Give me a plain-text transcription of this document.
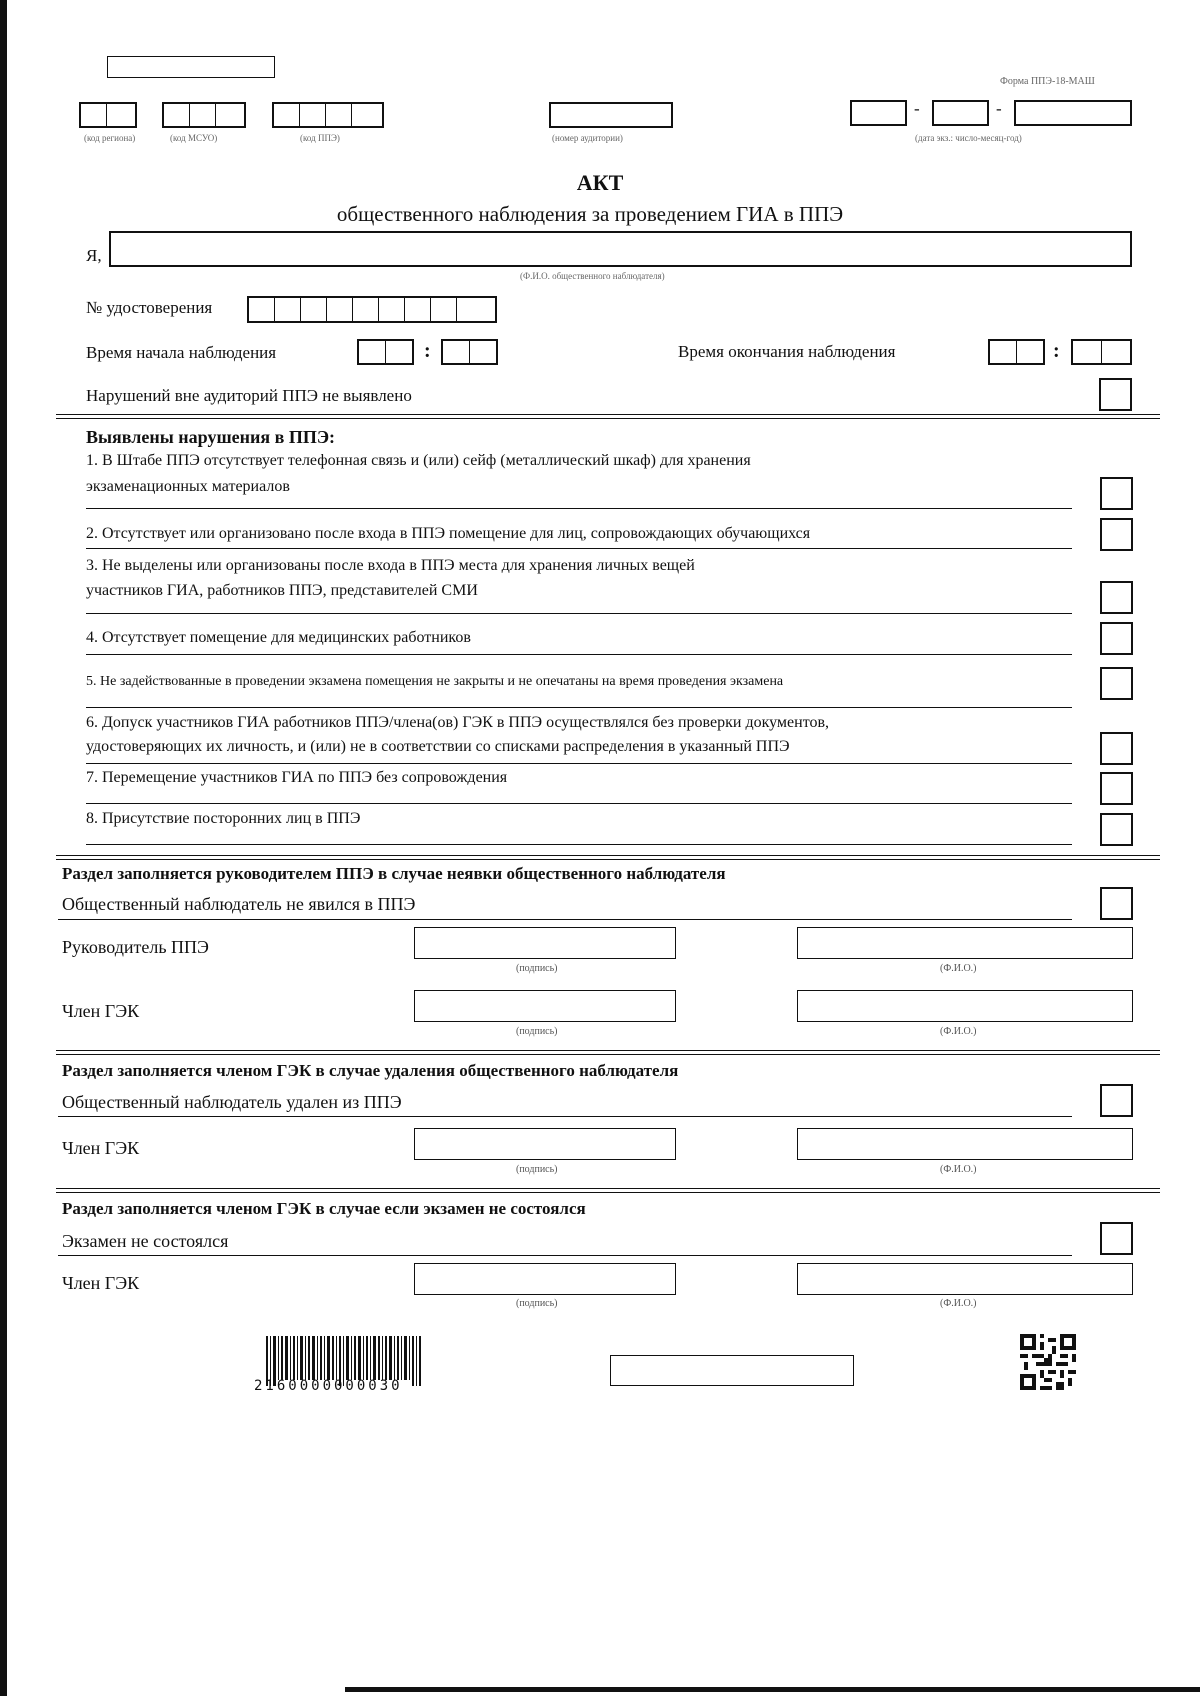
Форма ППЭ-18-МАШ
(код региона)	(код МСУО)	(код ППЭ)	(номер аудитории)
-	-
(дата экз.: число-месяц-год)
АКТ
общественного наблюдения за проведением ГИА в ППЭ
Я,
(Ф.И.О. общественного наблюдателя)
№ удостоверения
Время начала наблюдения	:	Время окончания наблюдения	:
Нарушений вне аудиторий ППЭ не выявлено
Выявлены нарушения в ППЭ:
1. В Штабе ППЭ отсутствует телефонная связь и (или) сейф (металлический шкаф) для хранения
экзаменационных материалов
2. Отсутствует или организовано после входа в ППЭ помещение для лиц, сопровождающих обучающихся
3. Не выделены или организованы после входа в ППЭ места для хранения личных вещей
участников ГИА, работников ППЭ, представителей СМИ
4. Отсутствует помещение для медицинских работников
5. Не задействованные в проведении экзамена помещения не закрыты и не опечатаны на время проведения экзамена
6. Допуск участников ГИА работников ППЭ/члена(ов) ГЭК в ППЭ осуществлялся без проверки документов,
удостоверяющих их личность, и (или) не в соответствии со списками распределения в указанный ППЭ
7. Перемещение участников ГИА по ППЭ без сопровождения
8. Присутствие посторонних лиц в ППЭ
Раздел заполняется руководителем ППЭ в случае неявки общественного наблюдателя
Общественный наблюдатель не явился в ППЭ
Руководитель ППЭ
(подпись)	(Ф.И.О.)
Член ГЭК
(подпись)	(Ф.И.О.)
Раздел заполняется членом ГЭК в случае удаления общественного наблюдателя
Общественный наблюдатель удален из ППЭ
Член ГЭК
(подпись)	(Ф.И.О.)
Раздел заполняется членом ГЭК в случае если экзамен не состоялся
Экзамен не состоялся
Член ГЭК
(подпись)	(Ф.И.О.)
2160000000030
